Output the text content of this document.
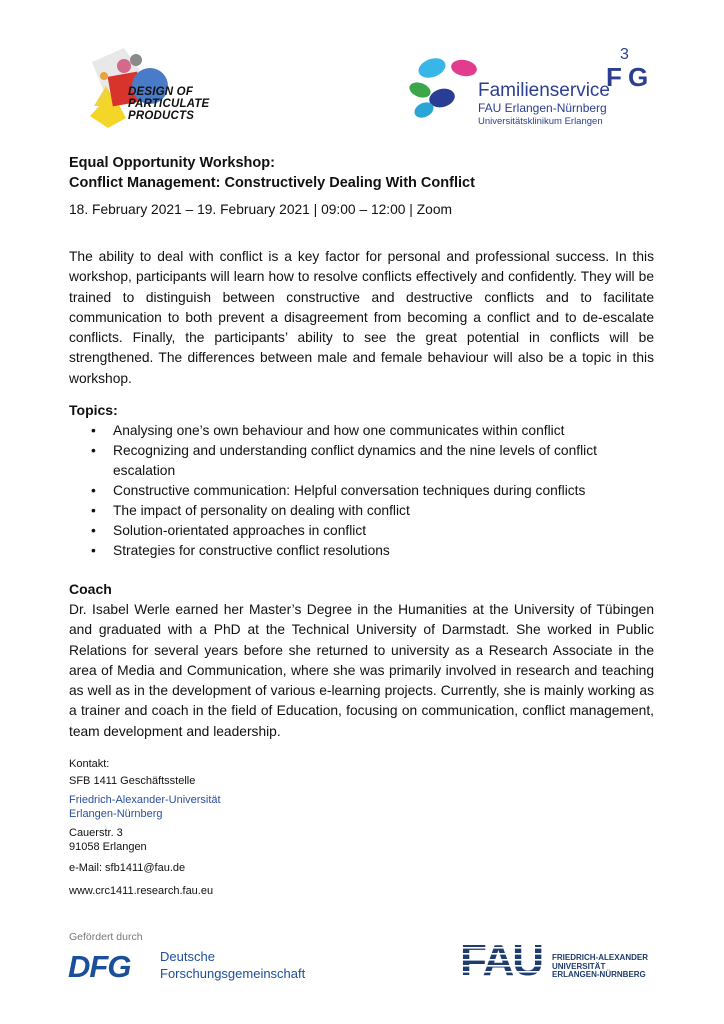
DESIGN OF
PARTICULATE
PRODUCTS
Familienservice
FAU Erlangen-Nürnberg
Universitätsklinikum Erlangen
3
F G
Equal Opportunity Workshop:
Conflict Management: Constructively Dealing With Conflict
18. February 2021 – 19. February 2021 | 09:00 – 12:00 | Zoom
The ability to deal with conflict is a key factor for personal and professional success. In this workshop, participants will learn how to resolve conflicts effectively and confidently. They will be trained to distinguish between constructive and destructive conflicts and to facilitate communication to both prevent a disagreement from becoming a conflict and to de-escalate conflicts. Finally, the participants’ ability to see the great potential in conflicts will be strengthened. The differences between male and female behaviour will also be a topic in this workshop.
Topics:
• Analysing one’s own behaviour and how one communicates within conflict
• Recognizing and understanding conflict dynamics and the nine levels of conflict escalation
• Constructive communication: Helpful conversation techniques during conflicts
• The impact of personality on dealing with conflict
• Solution-orientated approaches in conflict
• Strategies for constructive conflict resolutions
Coach
Dr. Isabel Werle earned her Master’s Degree in the Humanities at the University of Tübingen and graduated with a PhD at the Technical University of Darmstadt. She worked in Public Relations for several years before she returned to university as a Research Associate in the area of Media and Communication, where she was primarily involved in research and teaching as well as in the development of various e-learning projects. Currently, she is mainly working as a trainer and coach in the field of Education, focusing on communication, conflict management, team development and leadership.
Kontakt:
SFB 1411 Geschäftsstelle
Friedrich-Alexander-Universität
Erlangen-Nürnberg
Cauerstr. 3
91058 Erlangen
e-Mail: sfb1411@fau.de
www.crc1411.research.fau.eu
Gefördert durch
DFG Deutsche
Forschungsgemeinschaft
FRIEDRICH-ALEXANDER
UNIVERSITÄT
ERLANGEN-NÜRNBERG
